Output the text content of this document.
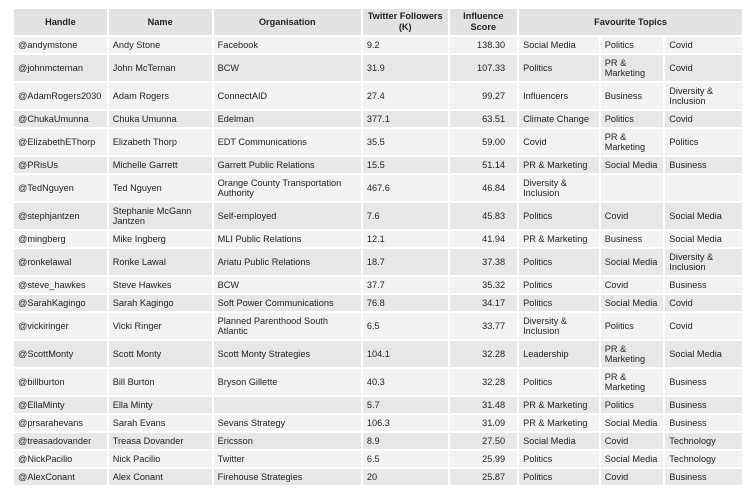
Handle	Name	Organisation	Twitter Followers (K)	Influence Score	Favourite Topics		
@andymstone	Andy Stone	Facebook	9.2	138.30	Social Media	Politics	Covid
@johnmcternan	John McTernan	BCW	31.9	107.33	Politics	PR & Marketing	Covid
@AdamRogers2030	Adam Rogers	ConnectAID	27.4	99.27	Influencers	Business	Diversity & Inclusion
@ChukaUmunna	Chuka Umunna	Edelman	377.1	63.51	Climate Change	Politics	Covid
@ElizabethEThorp	Elizabeth Thorp	EDT Communications	35.5	59.00	Covid	PR & Marketing	Politics
@PRisUs	Michelle Garrett	Garrett Public Relations	15.5	51.14	PR & Marketing	Social Media	Business
@TedNguyen	Ted Nguyen	Orange County Transportation Authority	467.6	46.84	Diversity & Inclusion		
@stephjantzen	Stephanie McGann Jantzen	Self-employed	7.6	45.83	Politics	Covid	Social Media
@mingberg	Mike Ingberg	MLI Public Relations	12.1	41.94	PR & Marketing	Business	Social Media
@ronkelawal	Ronke Lawal	Ariatu Public Relations	18.7	37.38	Politics	Social Media	Diversity & Inclusion
@steve_hawkes	Steve Hawkes	BCW	37.7	35.32	Politics	Covid	Business
@SarahKagingo	Sarah Kagingo	Soft Power Communications	76.8	34.17	Politics	Social Media	Covid
@vickiringer	Vicki Ringer	Planned Parenthood South Atlantic	6.5	33.77	Diversity & Inclusion	Politics	Covid
@ScottMonty	Scott Monty	Scott Monty Strategies	104.1	32.28	Leadership	PR & Marketing	Social Media
@billburton	Bill Burton	Bryson Gillette	40.3	32.28	Politics	PR & Marketing	Business
@EllaMinty	Ella Minty		5.7	31.48	PR & Marketing	Politics	Business
@prsarahevans	Sarah Evans	Sevans Strategy	106.3	31.09	PR & Marketing	Social Media	Business
@treasadovander	Treasa Dovander	Ericsson	8.9	27.50	Social Media	Covid	Technology
@NickPacilio	Nick Pacilio	Twitter	6.5	25.99	Politics	Social Media	Technology
@AlexConant	Alex Conant	Firehouse Strategies	20	25.87	Politics	Covid	Business
